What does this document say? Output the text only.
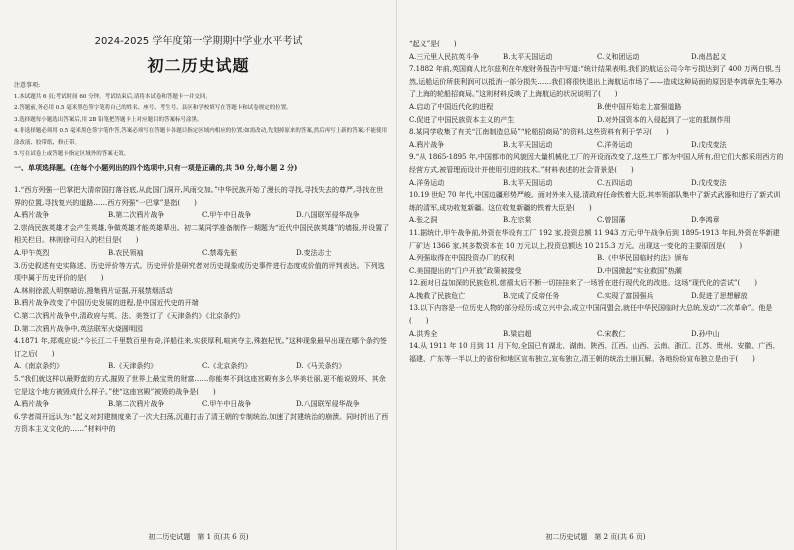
2024-2025 学年度第一学期期中学业水平考试
初二历史试题
注意事项:
1.本试题共 6 页;考试时间 60 分钟。考试结束后,请将本试卷和答题卡一并交回。
2.答题前,务必用 0.5 毫米黑色签字笔将自己的姓名、座号、考生号、县区和学校填写在答题卡和试卷规定的位置。
3.选择题每小题选出答案后,用 2B 铅笔把答题卡上对应题目的答案标号涂黑。
4.非选择题必须用 0.5 毫米黑色签字笔作答,答案必须写在答题卡各题目指定区域内相应的位置;如需改动,先划掉原来的答案,然后再写上新的答案;不能使用涂改液、胶带纸、修正带。
5.写在试卷上或答题卡指定区域外的答案无效。
一、单项选择题。(在每个小题列出的四个选项中,只有一项是正确的,共 50 分,每小题 2 分)

1.“西方列强一巴掌把大清帝国打落谷底,从此国门洞开,风雨交加。”中华民族开始了漫长的寻找,寻找失去的尊严,寻找在世界的位置,寻找复兴的道路……西方列强“一巴掌”是指(　　)

A.鸦片战争	B.第二次鸦片战争	C.甲午中日战争	D.八国联军侵华战争

2.崇尚民族英雄才会产生英雄,争做英雄才能英雄辈出。初二某同学准备制作一期题为“近代中国民族英雄”的墙报,并设置了相关栏目。林则徐可归入的栏目是(　　)

A.甲午英烈	B.农民领袖	C.禁毒先驱	D.变法志士

3.历史叙述有史实陈述、历史评价等方式。历史评价是研究者对历史现象或历史事件进行态度或价值的评判表达。下列选项中属于历史评价的是(　　)

A.林则徐派人明察暗访,搜集鸦片证据,开展禁烟活动
B.鸦片战争改变了中国历史发展的进程,是中国近代史的开端
C.第二次鸦片战争中,清政府与英、法、美签订了《天津条约》《北京条约》
D.第二次鸦片战争中,英法联军火烧圆明园

4.1871 年,郑观应说:“今长江二千里数百里有奇,洋船往来,实获厚利,喧宾夺主,殊抱杞忧。”这种现象最早出现在哪个条约签订之后(　　)

A.《南京条约》	B.《天津条约》	C.《北京条约》	D.《马关条约》

5.“我们就这样以最野蛮的方式,摧毁了世界上最宝贵的财富……你能奏不到这座宫殿有多么华美壮丽,更不能说毁坏、其余它是这个地方被毁成什么样子。”使“这座宫殿”被毁的战争是(　　)

A.鸦片战争	B.第二次鸦片战争	C.甲午中日战争	D.八国联军侵华战争

6.学者周开远认为:“起义对封建制度来了一次大扫荡,沉重打击了清王朝的专制统治,加速了封建统治的崩溃。同时折出了西方资本主义文化的……”材料中的

初二历史试题　第 1 页(共 6 页)

“起义”是(　　)

A.三元里人民抗英斗争	B.太平天国运动	C.义和团运动	D.南昌起义

7.1882 年前,英国商人比尔兹利在年度财务报告中写道:“统计结果表明,我们的航运公司今年亏损达到了 400 万两白银,当然,运船运价所获利润可以抵消一部分损失……我们将很快退出上海航运市场了——造成这种局面的原因是李鸿章先生筹办了上海的轮船招商局。”这则材料反映了上海航运的状况说明了(　　)

A.启动了中国近代化的进程	B.使中国开始走上富强道路
C.促进了中国民族资本主义的产生	D.对外国资本的入侵起到了一定的抵制作用

8.某同学收集了有关“江南制造总局”“轮船招商局”的资料,这些资料有利于学习(　　)

A.鸦片战争	B.太平天国运动	C.洋务运动	D.戊戌变法

9.“从 1865-1895 年,中国都市的风貌因大量机械化工厂的开设而改变了,这些工厂都为中国人所有,但它们大都采用西方的经营方式,被管理而设计并使用引进的技术。”材料表述的社会背景是(　　)

A.洋务运动	B.太平天国运动	C.五四运动	D.戊戌变法

10.19 世纪 70 年代,中国边疆形势严峻。面对外来入侵,清政府任命铁着大臣,其率领部队集中了新式武器和进行了新式训练的清军,成功收复新疆。这位收复新疆的铁着大臣是(　　)

A.张之洞	B.左宗棠	C.曾国藩	D.李鸿章

11.据统计,甲午战争前,外资在华设有工厂 192 家,投资总额 11 943 万元;甲午战争后到 1895-1913 年间,外资在华新建厂矿达 1366 家,其多数资本在 10 万元以上,投资总额达 10 215.3 万元。出现这一变化的主要原因是(　　)

A.列强取得在中国投资办厂的权利	B.《中华民国临时约法》颁布
C.美国提出的“门户开放”政策被接受	D.中国掀起“实业救国”热潮

12.面对日益加深的民族危机,慈禧太后不断一切挂挂来了一场旨在进行现代化的改进。这场“现代化的尝试”(　　)

A.挽救了民族危亡	B.完成了反帝任务	C.实现了富国强兵	D.促进了思想解放

13.以下内容是一位历史人物的部分经历:成立兴中会,成立中国同盟会,就任中华民国临时大总统,发动“二次革命”。他是(　　)

A.洪秀全	B.梁启超	C.宋教仁	D.孙中山

14.从 1911 年 10 月到 11 月下旬,全国已有湖北、湖南、陕西、江西、山西、云南、浙江、江苏、贵州、安徽、广西、福建、广东等一半以上的省份和地区宣布独立,宣布独立,清王朝的统治土崩瓦解。各地纷纷宣布独立是由于(　　)

初二历史试题　第 2 页(共 6 页)
